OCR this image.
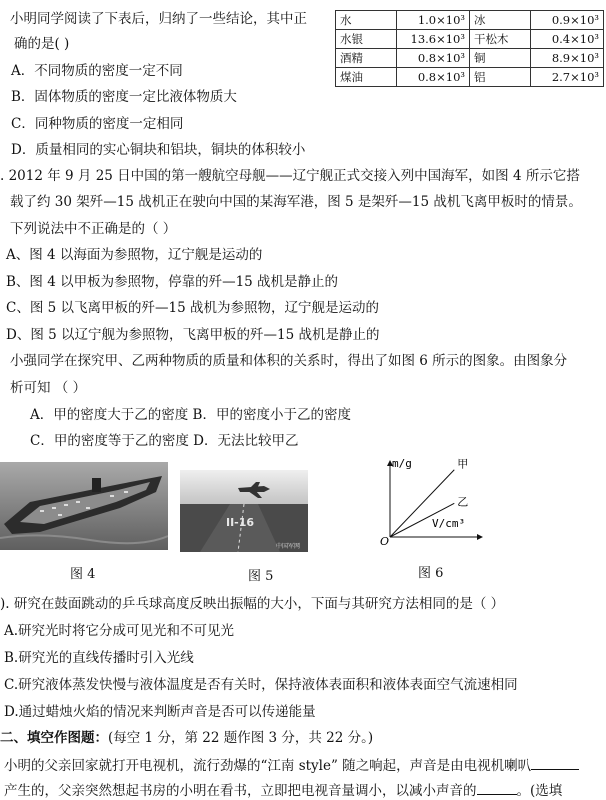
小明同学阅读了下表后，归纳了一些结论，其中正
确的是( )
A．不同物质的密度一定不同
B．固体物质的密度一定比液体物质大
C．同种物质的密度一定相同
D．质量相同的实心铜块和铝块，铜块的体积较小
水	1.0×10³	冰	0.9×10³
水银	13.6×10³	干松木	0.4×10³
酒精	0.8×10³	铜	8.9×10³
煤油	0.8×10³	铝	2.7×10³
. 2012 年 9 月 25 日中国的第一艘航空母舰——辽宁舰正式交接入列中国海军，如图 4 所示它搭
载了约 30 架歼—15 战机正在驶向中国的某海军港，图 5 是架歼—15 战机飞离甲板时的情景。
下列说法中不正确是的（ ）
A、图 4 以海面为参照物，辽宁舰是运动的
B、图 4 以甲板为参照物，停靠的歼—15 战机是静止的
C、图 5 以飞离甲板的歼—15 战机为参照物，辽宁舰是运动的
D、图 5 以辽宁舰为参照物，飞离甲板的歼—15 战机是静止的
小强同学在探究甲、乙两种物质的质量和体积的关系时，得出了如图 6 所示的图象。由图象分
析可知 （ ）
A．甲的密度大于乙的密度 B．甲的密度小于乙的密度
C．甲的密度等于乙的密度 D．无法比较甲乙
II-16
中国军网
m/g
V/cm³
O
甲
乙
图 4	图 5	图 6
). 研究在鼓面跳动的乒乓球高度反映出振幅的大小，下面与其研究方法相同的是（ ）
A.研究光时将它分成可见光和不可见光
B.研究光的直线传播时引入光线
C.研究液体蒸发快慢与液体温度是否有关时，保持液体表面积和液体表面空气流速相同
D.通过蜡烛火焰的情况来判断声音是否可以传递能量
二、填空作图题：(每空 1 分，第 22 题作图 3 分，共 22 分。)
小明的父亲回家就打开电视机，流行劲爆的“江南 style” 随之响起，声音是由电视机喇叭
产生的，父亲突然想起书房的小明在看书，立即把电视音量调小，以减小声音的	。(选填
